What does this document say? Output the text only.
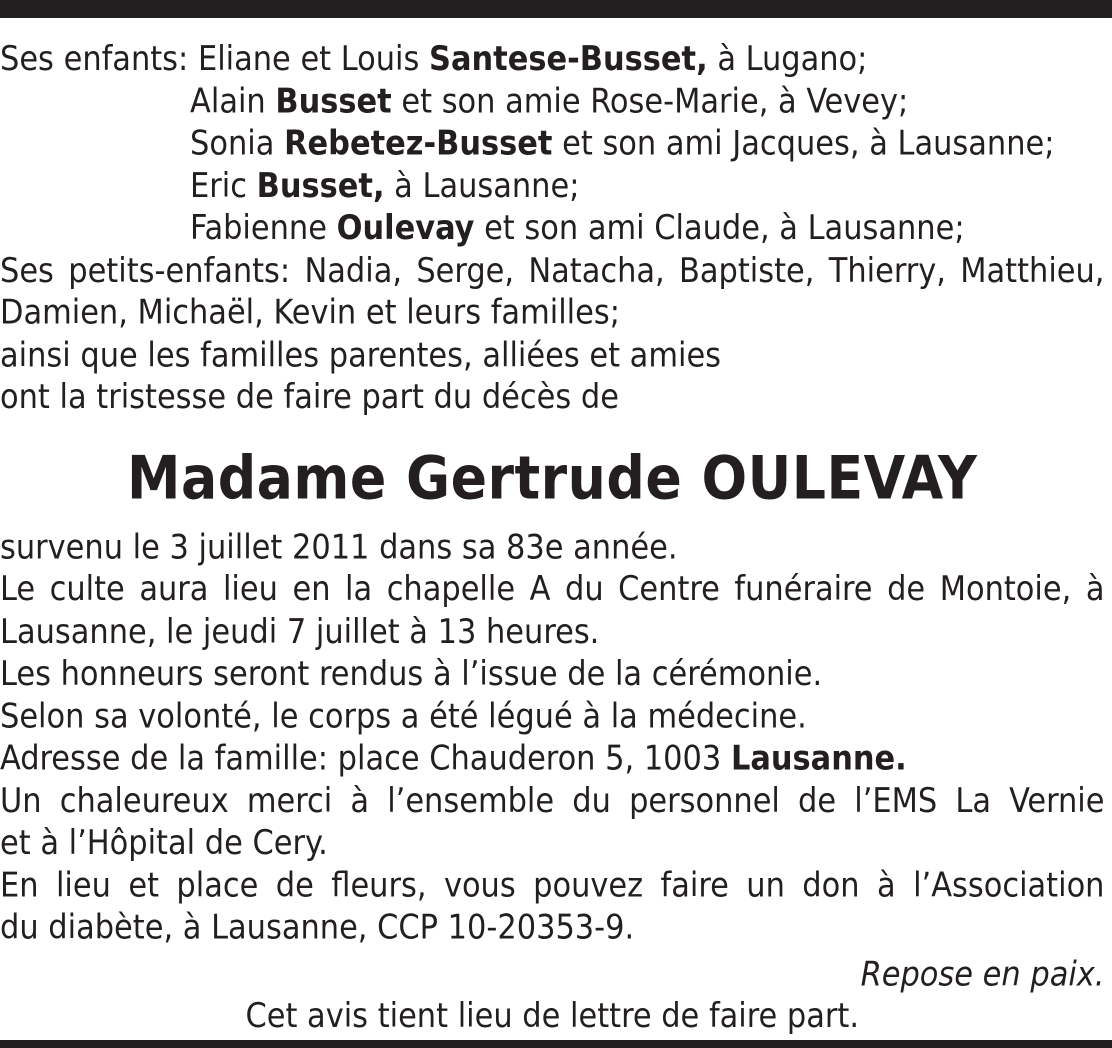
Ses enfants: Eliane et Louis Santese-Busset, à Lugano;
Alain Busset et son amie Rose-Marie, à Vevey;
Sonia Rebetez-Busset et son ami Jacques, à Lausanne;
Eric Busset, à Lausanne;
Fabienne Oulevay et son ami Claude, à Lausanne;
Ses petits-enfants: Nadia, Serge, Natacha, Baptiste, Thierry, Matthieu,
Damien, Michaël, Kevin et leurs familles;
ainsi que les familles parentes, alliées et amies
ont la tristesse de faire part du décès de
Madame Gertrude OULEVAY
survenu le 3 juillet 2011 dans sa 83e année.
Le culte aura lieu en la chapelle A du Centre funéraire de Montoie, à
Lausanne, le jeudi 7 juillet à 13 heures.
Les honneurs seront rendus à l’issue de la cérémonie.
Selon sa volonté, le corps a été légué à la médecine.
Adresse de la famille: place Chauderon 5, 1003 Lausanne.
Un chaleureux merci à l’ensemble du personnel de l’EMS La Vernie
et à l’Hôpital de Cery.
En lieu et place de fleurs, vous pouvez faire un don à l’Association
du diabète, à Lausanne, CCP 10-20353-9.
Repose en paix.
Cet avis tient lieu de lettre de faire part.
